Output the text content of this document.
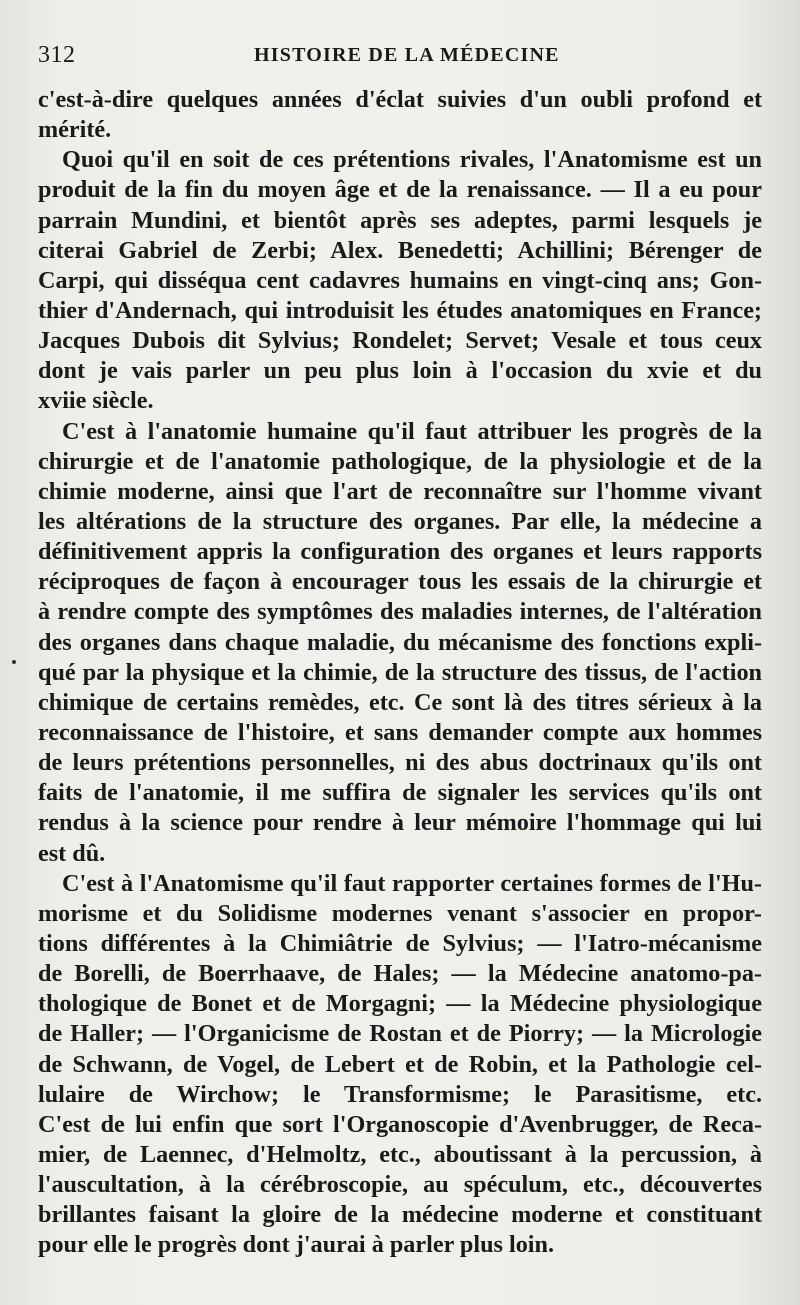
312	HISTOIRE DE LA MÉDECINE
c'est-à-dire quelques années d'éclat suivies d'un oubli profond et
mérité.
Quoi qu'il en soit de ces prétentions rivales, l'Anatomisme est un
produit de la fin du moyen âge et de la renaissance. — Il a eu pour
parrain Mundini, et bientôt après ses adeptes, parmi lesquels je
citerai Gabriel de Zerbi; Alex. Benedetti; Achillini; Bérenger de
Carpi, qui disséqua cent cadavres humains en vingt-cinq ans; Gon-
thier d'Andernach, qui introduisit les études anatomiques en France;
Jacques Dubois dit Sylvius; Rondelet; Servet; Vesale et tous ceux
dont je vais parler un peu plus loin à l'occasion du xvie et du
xviie siècle.
C'est à l'anatomie humaine qu'il faut attribuer les progrès de la
chirurgie et de l'anatomie pathologique, de la physiologie et de la
chimie moderne, ainsi que l'art de reconnaître sur l'homme vivant
les altérations de la structure des organes. Par elle, la médecine a
définitivement appris la configuration des organes et leurs rapports
réciproques de façon à encourager tous les essais de la chirurgie et
à rendre compte des symptômes des maladies internes, de l'altération
des organes dans chaque maladie, du mécanisme des fonctions expli-
qué par la physique et la chimie, de la structure des tissus, de l'action
chimique de certains remèdes, etc. Ce sont là des titres sérieux à la
reconnaissance de l'histoire, et sans demander compte aux hommes
de leurs prétentions personnelles, ni des abus doctrinaux qu'ils ont
faits de l'anatomie, il me suffira de signaler les services qu'ils ont
rendus à la science pour rendre à leur mémoire l'hommage qui lui
est dû.
C'est à l'Anatomisme qu'il faut rapporter certaines formes de l'Hu-
morisme et du Solidisme modernes venant s'associer en propor-
tions différentes à la Chimiâtrie de Sylvius; — l'Iatro-mécanisme
de Borelli, de Boerrhaave, de Hales; — la Médecine anatomo-pa-
thologique de Bonet et de Morgagni; — la Médecine physiologique
de Haller; — l'Organicisme de Rostan et de Piorry; — la Micrologie
de Schwann, de Vogel, de Lebert et de Robin, et la Pathologie cel-
lulaire de Wirchow; le Transformisme; le Parasitisme, etc.
C'est de lui enfin que sort l'Organoscopie d'Avenbrugger, de Reca-
mier, de Laennec, d'Helmoltz, etc., aboutissant à la percussion, à
l'auscultation, à la cérébroscopie, au spéculum, etc., découvertes
brillantes faisant la gloire de la médecine moderne et constituant
pour elle le progrès dont j'aurai à parler plus loin.
